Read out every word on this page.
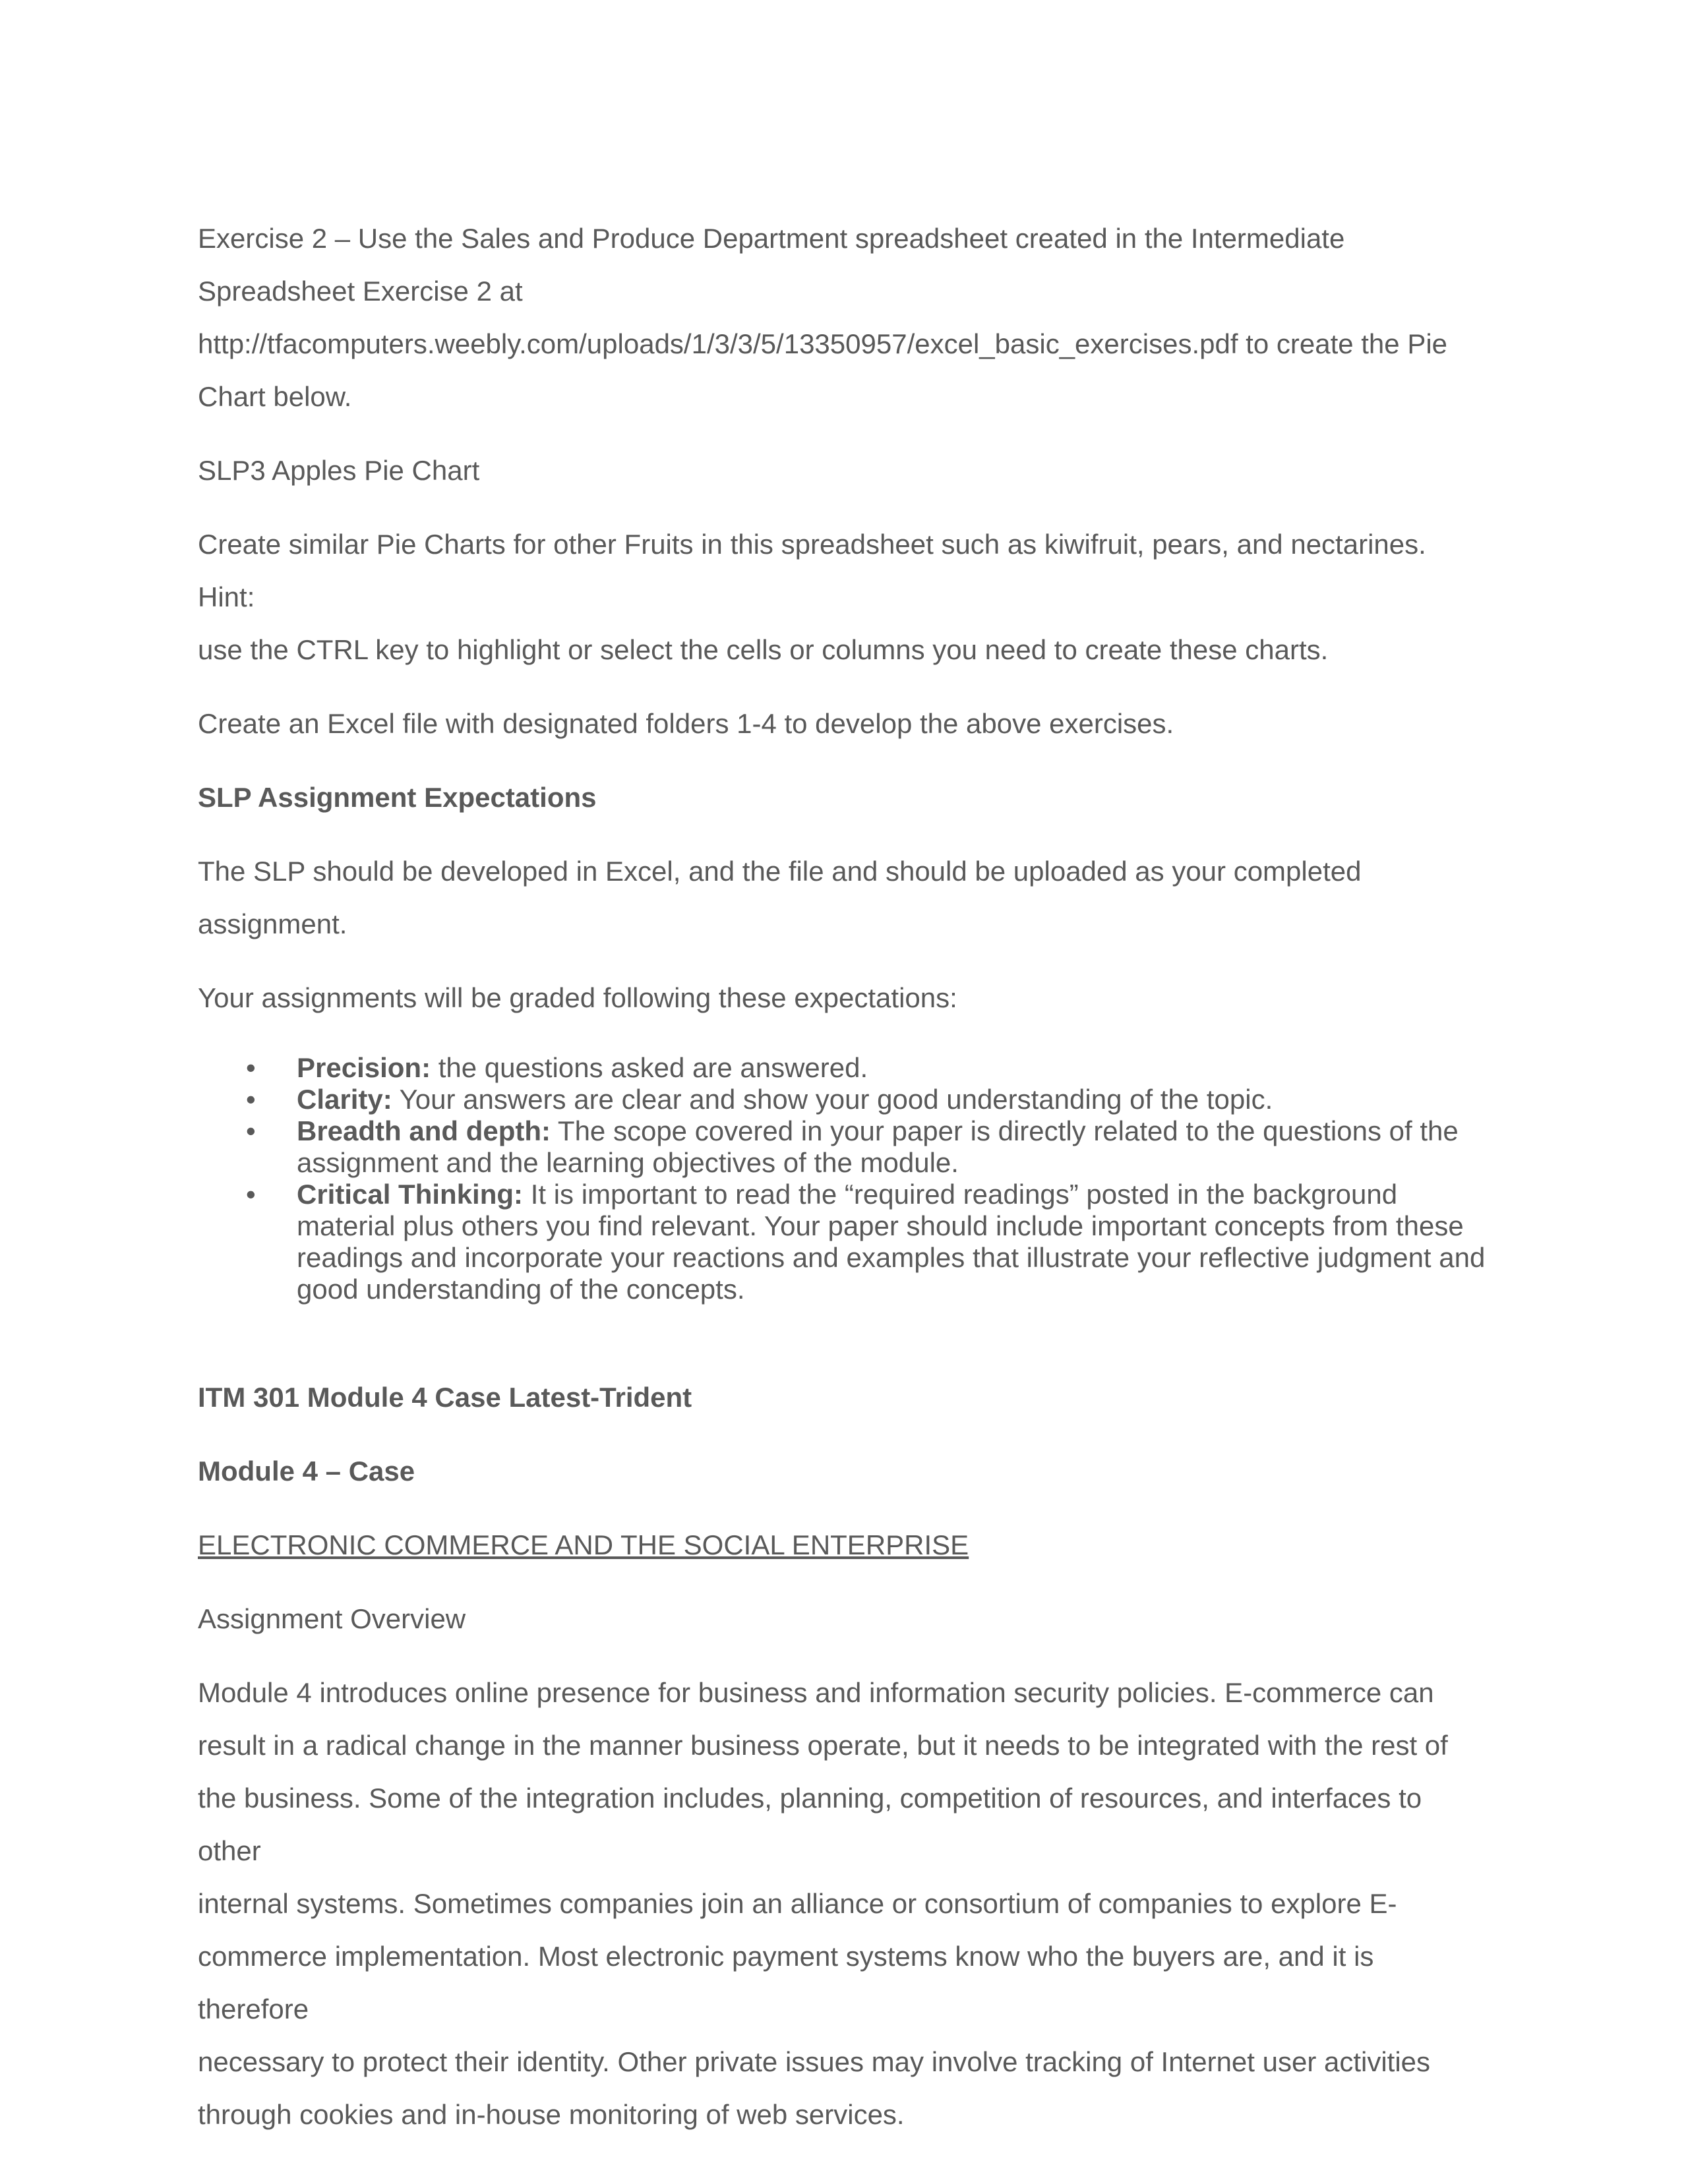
Exercise 2 – Use the Sales and Produce Department spreadsheet created in the Intermediate

Spreadsheet Exercise 2 at

http://tfacomputers.weebly.com/uploads/1/3/3/5/13350957/excel_basic_exercises.pdf to create the Pie

Chart below.

SLP3 Apples Pie Chart

Create similar Pie Charts for other Fruits in this spreadsheet such as kiwifruit, pears, and nectarines. Hint:

use the CTRL key to highlight or select the cells or columns you need to create these charts.

Create an Excel file with designated folders 1-4 to develop the above exercises.

SLP Assignment Expectations

The SLP should be developed in Excel, and the file and should be uploaded as your completed

assignment.

Your assignments will be graded following these expectations:

• Precision: the questions asked are answered.
• Clarity: Your answers are clear and show your good understanding of the topic.
• Breadth and depth: The scope covered in your paper is directly related to the questions of the
assignment and the learning objectives of the module.
• Critical Thinking: It is important to read the “required readings” posted in the background
material plus others you find relevant. Your paper should include important concepts from these
readings and incorporate your reactions and examples that illustrate your reflective judgment and
good understanding of the concepts.

ITM 301 Module 4 Case Latest-Trident

Module 4 – Case

ELECTRONIC COMMERCE AND THE SOCIAL ENTERPRISE

Assignment Overview

Module 4 introduces online presence for business and information security policies. E-commerce can

result in a radical change in the manner business operate, but it needs to be integrated with the rest of

the business. Some of the integration includes, planning, competition of resources, and interfaces to other

internal systems. Sometimes companies join an alliance or consortium of companies to explore E-

commerce implementation. Most electronic payment systems know who the buyers are, and it is therefore

necessary to protect their identity. Other private issues may involve tracking of Internet user activities

through cookies and in-house monitoring of web services.
